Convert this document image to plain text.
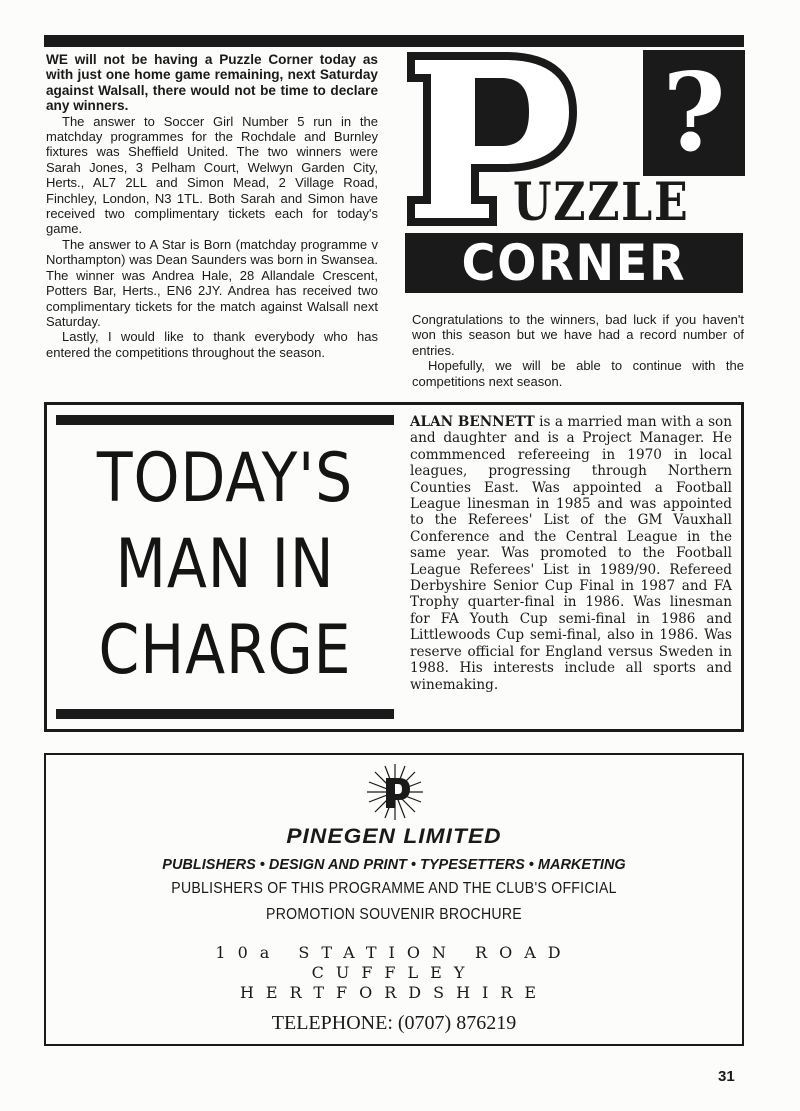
WE will not be having a Puzzle Corner today as with just one home game remaining, next Saturday against Walsall, there would not be time to declare any winners.

The answer to Soccer Girl Number 5 run in the matchday programmes for the Rochdale and Burnley fixtures was Sheffield United. The two winners were Sarah Jones, 3 Pelham Court, Welwyn Garden City, Herts., AL7 2LL and Simon Mead, 2 Village Road, Finchley, London, N3 1TL. Both Sarah and Simon have received two complimentary tickets each for today's game.

The answer to A Star is Born (matchday programme v Northampton) was Dean Saunders was born in Swansea. The winner was Andrea Hale, 28 Allandale Crescent, Potters Bar, Herts., EN6 2JY. Andrea has received two complimentary tickets for the match against Walsall next Saturday.

Lastly, I would like to thank everybody who has entered the competitions throughout the season.

?
UZZLE
CORNER

Congratulations to the winners, bad luck if you haven't won this season but we have had a record number of entries.

Hopefully, we will be able to continue with the competitions next season.

TODAY'S
MAN IN
CHARGE
ALAN BENNETT is a married man with a son and daughter and is a Project Manager. He commmenced refereeing in 1970 in local leagues, progressing through Northern Counties East. Was appointed a Football League linesman in 1985 and was appointed to the Referees' List of the GM Vauxhall Conference and the Central League in the same year. Was promoted to the Football League Referees' List in 1989/90. Refereed Derbyshire Senior Cup Final in 1987 and FA Trophy quarter-final in 1986. Was linesman for FA Youth Cup semi-final in 1986 and Littlewoods Cup semi-final, also in 1986. Was reserve official for England versus Sweden in 1988. His interests include all sports and winemaking.
PINEGEN LIMITED
PUBLISHERS • DESIGN AND PRINT • TYPESETTERS • MARKETING
PUBLISHERS OF THIS PROGRAMME AND THE CLUB'S OFFICIAL
PROMOTION SOUVENIR BROCHURE
10a STATION ROAD
CUFFLEY
HERTFORDSHIRE
TELEPHONE: (0707) 876219
31
